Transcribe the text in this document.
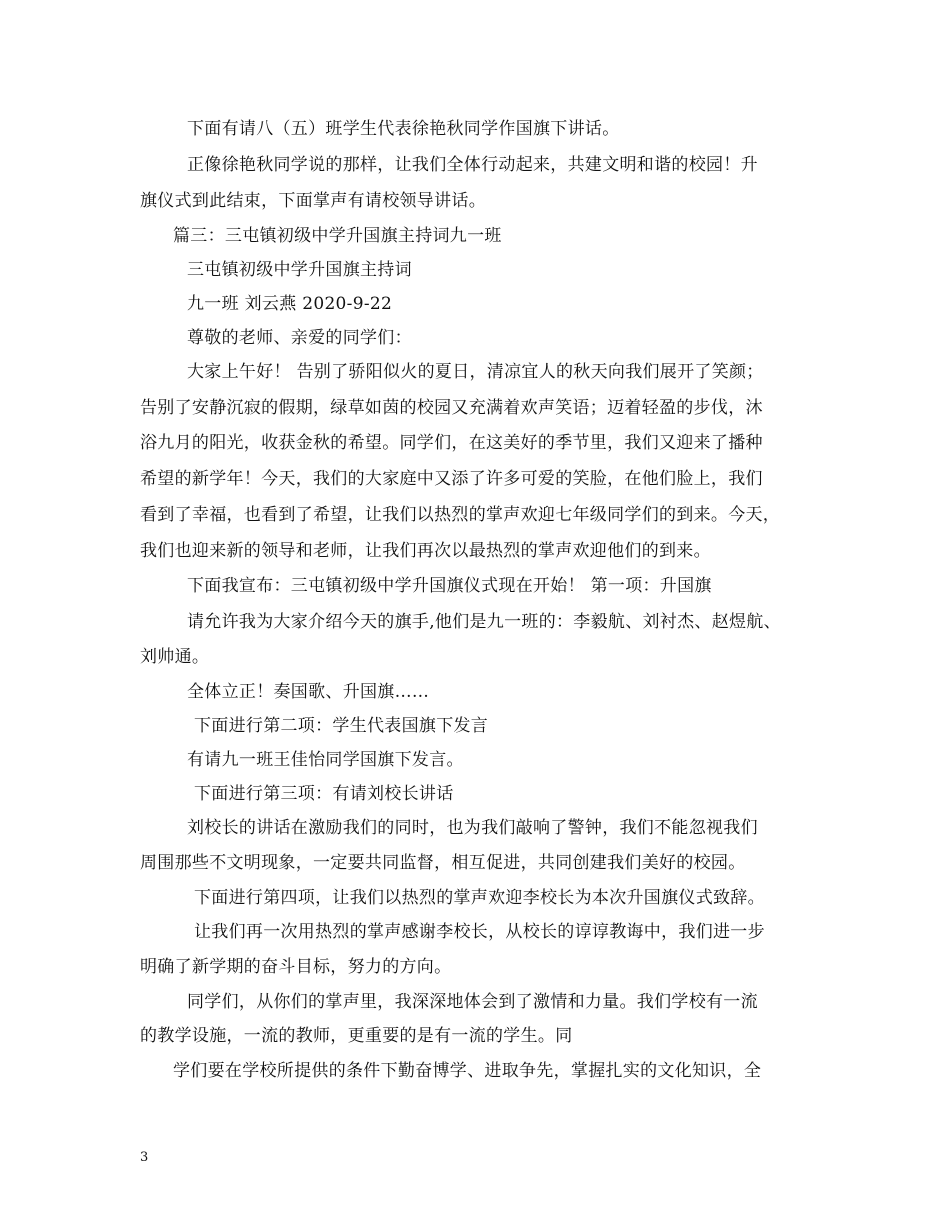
下面有请八（五）班学生代表徐艳秋同学作国旗下讲话。
正像徐艳秋同学说的那样，让我们全体行动起来，共建文明和谐的校园！升
旗仪式到此结束，下面掌声有请校领导讲话。
篇三：三屯镇初级中学升国旗主持词九一班
三屯镇初级中学升国旗主持词
九一班 刘云燕 2020-9-22
尊敬的老师、亲爱的同学们：
大家上午好！ 告别了骄阳似火的夏日，清凉宜人的秋天向我们展开了笑颜；
告别了安静沉寂的假期，绿草如茵的校园又充满着欢声笑语；迈着轻盈的步伐，沐
浴九月的阳光，收获金秋的希望。同学们，在这美好的季节里，我们又迎来了播种
希望的新学年！今天，我们的大家庭中又添了许多可爱的笑脸，在他们脸上，我们
看到了幸福，也看到了希望，让我们以热烈的掌声欢迎七年级同学们的到来。今天，
我们也迎来新的领导和老师，让我们再次以最热烈的掌声欢迎他们的到来。
下面我宣布：三屯镇初级中学升国旗仪式现在开始！ 第一项：升国旗
请允许我为大家介绍今天的旗手,他们是九一班的：李毅航、刘衬杰、赵煜航、
刘帅通。
全体立正！奏国歌、升国旗……
下面进行第二项：学生代表国旗下发言
有请九一班王佳怡同学国旗下发言。
下面进行第三项：有请刘校长讲话
刘校长的讲话在激励我们的同时，也为我们敲响了警钟，我们不能忽视我们
周围那些不文明现象，一定要共同监督，相互促进，共同创建我们美好的校园。
下面进行第四项，让我们以热烈的掌声欢迎李校长为本次升国旗仪式致辞。
让我们再一次用热烈的掌声感谢李校长，从校长的谆谆教诲中，我们进一步
明确了新学期的奋斗目标，努力的方向。
同学们，从你们的掌声里，我深深地体会到了激情和力量。我们学校有一流
的教学设施，一流的教师，更重要的是有一流的学生。同
学们要在学校所提供的条件下勤奋博学、进取争先，掌握扎实的文化知识，全
3
